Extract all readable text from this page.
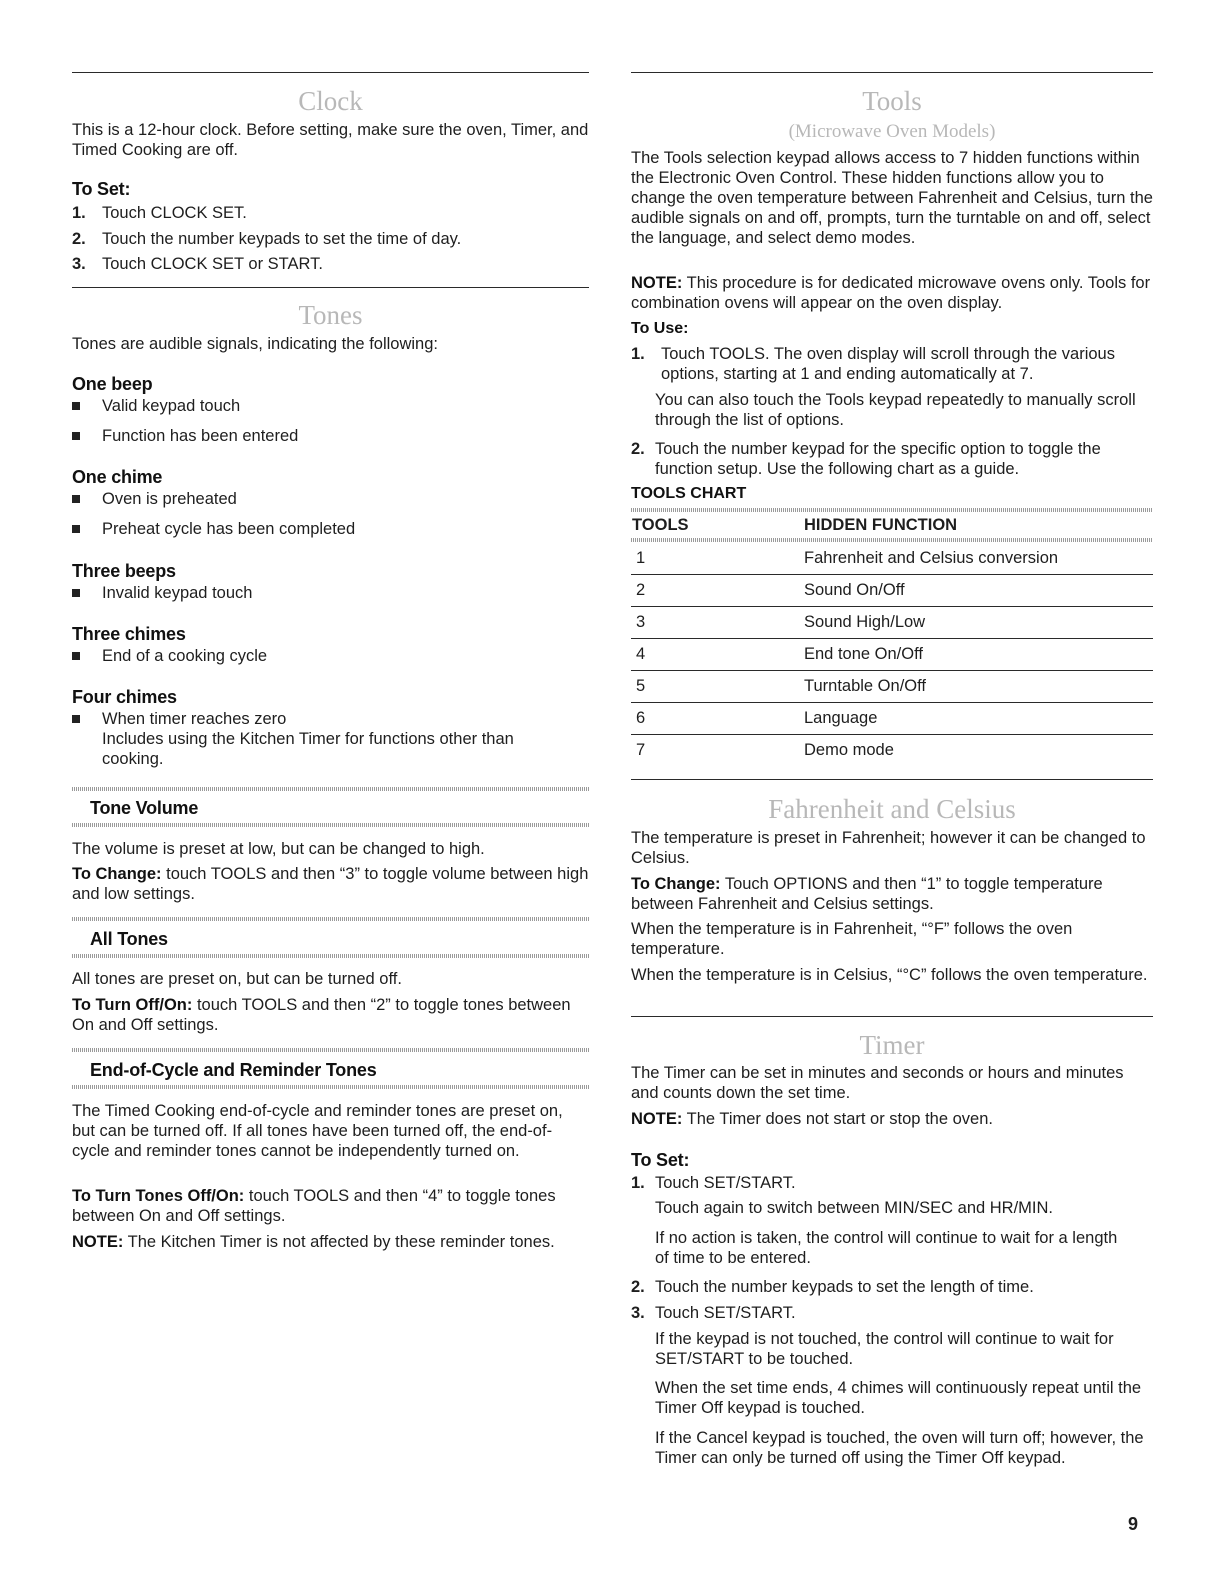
Clock

This is a 12-hour clock. Before setting, make sure the oven, Timer, and Timed Cooking are off.

To Set:
1. Touch CLOCK SET.

2. Touch the number keypads to set the time of day.

3. Touch CLOCK SET or START.

Tones

Tones are audible signals, indicating the following:

One beep

Valid keypad touch

Function has been entered

One chime

Oven is preheated

Preheat cycle has been completed

Three beeps

Invalid keypad touch

Three chimes

End of a cooking cycle

Four chimes

When timer reaches zero

Includes using the Kitchen Timer for functions other than cooking.

Tone Volume

The volume is preset at low, but can be changed to high.

To Change: touch TOOLS and then “3” to toggle volume between high and low settings.

All Tones

All tones are preset on, but can be turned off.

To Turn Off/On: touch TOOLS and then “2” to toggle tones between On and Off settings.

End-of-Cycle and Reminder Tones

The Timed Cooking end-of-cycle and reminder tones are preset on, but can be turned off. If all tones have been turned off, the end-of-cycle and reminder tones cannot be independently turned on.

To Turn Tones Off/On: touch TOOLS and then “4” to toggle tones between On and Off settings.

NOTE: The Kitchen Timer is not affected by these reminder tones.

Tools
(Microwave Oven Models)

The Tools selection keypad allows access to 7 hidden functions within the Electronic Oven Control. These hidden functions allow you to change the oven temperature between Fahrenheit and Celsius, turn the audible signals on and off, prompts, turn the turntable on and off, select the language, and select demo modes.

NOTE: This procedure is for dedicated microwave ovens only. Tools for combination ovens will appear on the oven display.

To Use:
1. Touch TOOLS. The oven display will scroll through the various options, starting at 1 and ending automatically at 7.

You can also touch the Tools keypad repeatedly to manually scroll through the list of options.

2. Touch the number keypad for the specific option to toggle the function setup. Use the following chart as a guide.

TOOLS CHART
TOOLS	HIDDEN FUNCTION
1	Fahrenheit and Celsius conversion
2	Sound On/Off
3	Sound High/Low
4	End tone On/Off
5	Turntable On/Off
6	Language
7	Demo mode
Fahrenheit and Celsius

The temperature is preset in Fahrenheit; however it can be changed to Celsius.

To Change: Touch OPTIONS and then “1” to toggle temperature between Fahrenheit and Celsius settings.

When the temperature is in Fahrenheit, “°F” follows the oven temperature.

When the temperature is in Celsius, “°C” follows the oven temperature.

Timer

The Timer can be set in minutes and seconds or hours and minutes and counts down the set time.

NOTE: The Timer does not start or stop the oven.

To Set:
1. Touch SET/START.

Touch again to switch between MIN/SEC and HR/MIN.

If no action is taken, the control will continue to wait for a length of time to be entered.

2. Touch the number keypads to set the length of time.

3. Touch SET/START.

If the keypad is not touched, the control will continue to wait for SET/START to be touched.

When the set time ends, 4 chimes will continuously repeat until the Timer Off keypad is touched.

If the Cancel keypad is touched, the oven will turn off; however, the Timer can only be turned off using the Timer Off keypad.

9
